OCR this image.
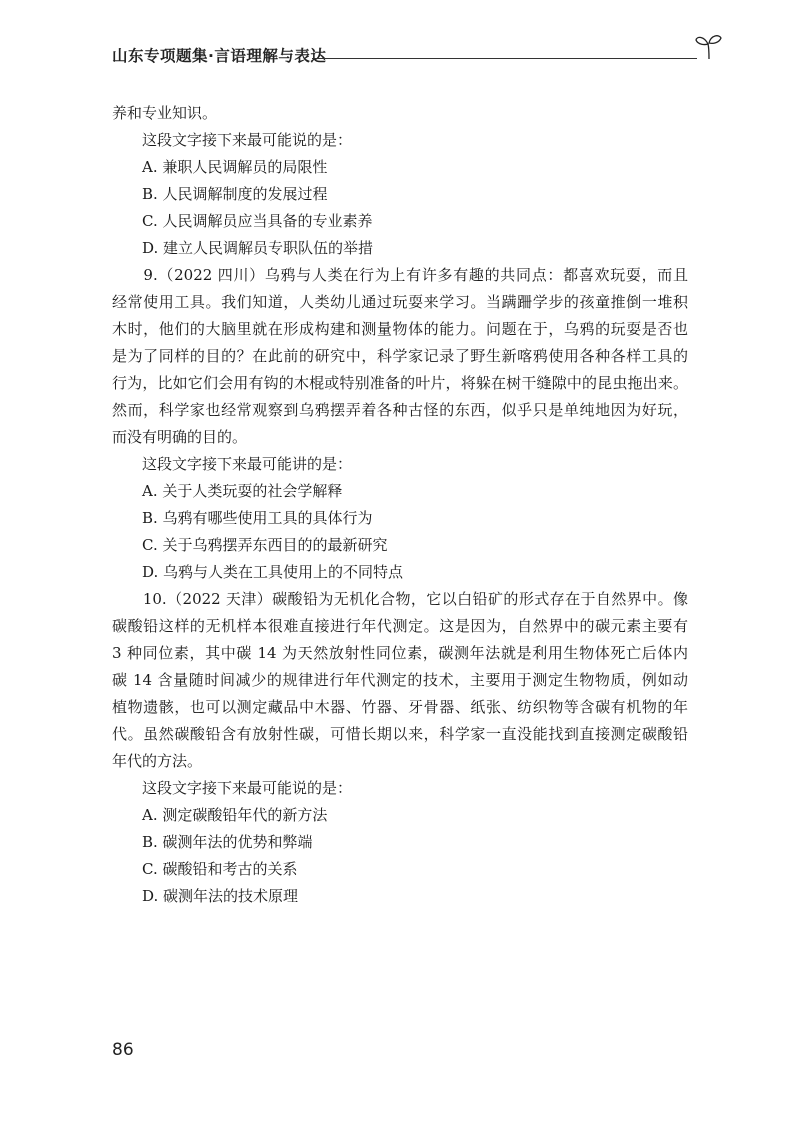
山东专项题集·言语理解与表达

养和专业知识。

这段文字接下来最可能说的是：

A. 兼职人民调解员的局限性

B. 人民调解制度的发展过程

C. 人民调解员应当具备的专业素养

D. 建立人民调解员专职队伍的举措

　　9.（2022 四川）乌鸦与人类在行为上有许多有趣的共同点：都喜欢玩耍，而且

经常使用工具。我们知道，人类幼儿通过玩耍来学习。当蹒跚学步的孩童推倒一堆积

木时，他们的大脑里就在形成构建和测量物体的能力。问题在于，乌鸦的玩耍是否也

是为了同样的目的？在此前的研究中，科学家记录了野生新喀鸦使用各种各样工具的

行为，比如它们会用有钩的木棍或特别准备的叶片，将躲在树干缝隙中的昆虫拖出来。

然而，科学家也经常观察到乌鸦摆弄着各种古怪的东西，似乎只是单纯地因为好玩，

而没有明确的目的。

这段文字接下来最可能讲的是：

A. 关于人类玩耍的社会学解释

B. 乌鸦有哪些使用工具的具体行为

C. 关于乌鸦摆弄东西目的的最新研究

D. 乌鸦与人类在工具使用上的不同特点

　　10.（2022 天津）碳酸铅为无机化合物，它以白铅矿的形式存在于自然界中。像

碳酸铅这样的无机样本很难直接进行年代测定。这是因为，自然界中的碳元素主要有

3 种同位素，其中碳 14 为天然放射性同位素，碳测年法就是利用生物体死亡后体内

碳 14 含量随时间减少的规律进行年代测定的技术，主要用于测定生物物质，例如动

植物遗骸，也可以测定藏品中木器、竹器、牙骨器、纸张、纺织物等含碳有机物的年

代。虽然碳酸铅含有放射性碳，可惜长期以来，科学家一直没能找到直接测定碳酸铅

年代的方法。

这段文字接下来最可能说的是：

A. 测定碳酸铅年代的新方法

B. 碳测年法的优势和弊端

C. 碳酸铅和考古的关系

D. 碳测年法的技术原理

86
